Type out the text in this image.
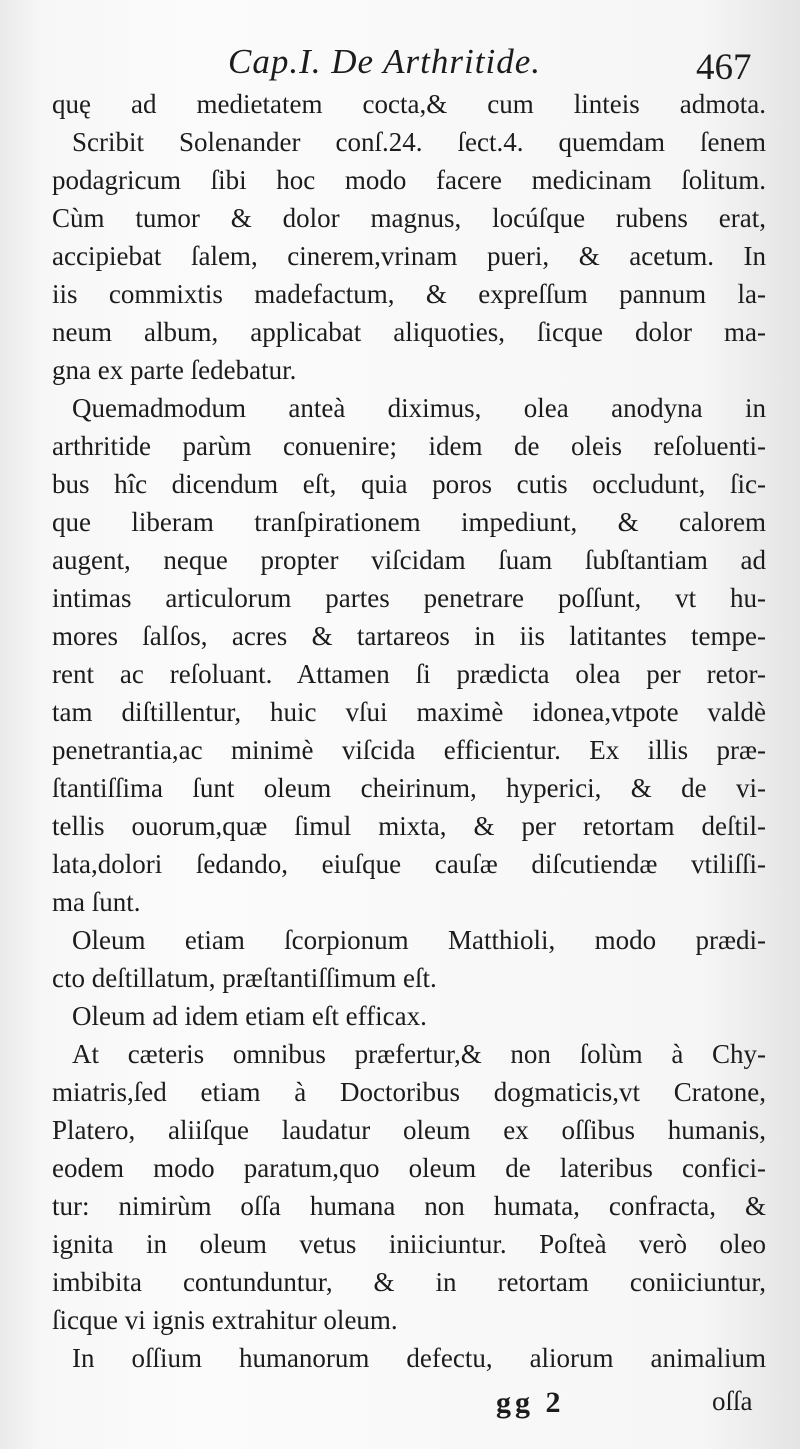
Cap.I. De Arthritide.	467
quę ad medietatem cocta,& cum linteis admota.
Scribit Solenander conſ.24. ſect.4. quemdam ſenem
podagricum ſibi hoc modo facere medicinam ſolitum.
Cùm tumor & dolor magnus, locúſque rubens erat,
accipiebat ſalem, cinerem,vrinam pueri, & acetum. In
iis commixtis madefactum, & expreſſum pannum la-
neum album, applicabat aliquoties, ſicque dolor ma-
gna ex parte ſedebatur.
Quemadmodum anteà diximus, olea anodyna in
arthritide parùm conuenire; idem de oleis reſoluenti-
bus hîc dicendum eſt, quia poros cutis occludunt, ſic-
que liberam tranſpirationem impediunt, & calorem
augent, neque propter viſcidam ſuam ſubſtantiam ad
intimas articulorum partes penetrare poſſunt, vt hu-
mores ſalſos, acres & tartareos in iis latitantes tempe-
rent ac reſoluant. Attamen ſi prædicta olea per retor-
tam diſtillentur, huic vſui maximè idonea,vtpote valdè
penetrantia,ac minimè viſcida efficientur. Ex illis præ-
ſtantiſſima ſunt oleum cheirinum, hyperici, & de vi-
tellis ouorum,quæ ſimul mixta, & per retortam deſtil-
lata,dolori ſedando, eiuſque cauſæ diſcutiendæ vtiliſſi-
ma ſunt.
Oleum etiam ſcorpionum Matthioli, modo prædi-
cto deſtillatum, præſtantiſſimum eſt.
Oleum ad idem etiam eſt efficax.
At cæteris omnibus præfertur,& non ſolùm à Chy-
miatris,ſed etiam à Doctoribus dogmaticis,vt Cratone,
Platero, aliiſque laudatur oleum ex oſſibus humanis,
eodem modo paratum,quo oleum de lateribus confici-
tur: nimirùm oſſa humana non humata, confracta, &
ignita in oleum vetus iniiciuntur. Poſteà verò oleo
imbibita contunduntur, & in retortam coniiciuntur,
ſicque vi ignis extrahitur oleum.
In oſſium humanorum defectu, aliorum animalium
gg 2	oſſa
